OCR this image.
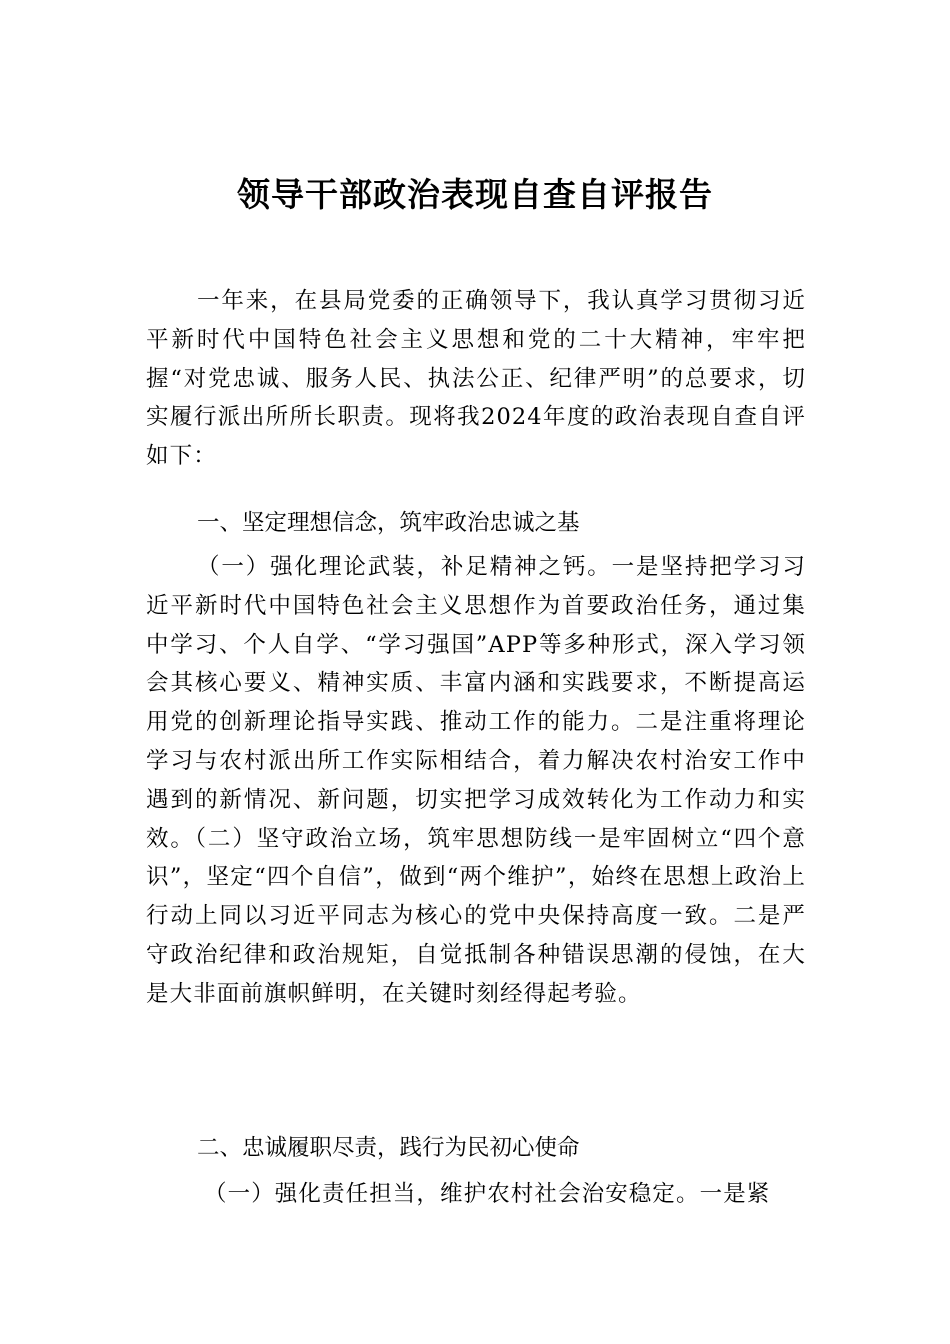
领导干部政治表现自查自评报告

一年来，在县局党委的正确领导下，我认真学习贯彻习近平新时代中国特色社会主义思想和党的二十大精神，牢牢把握“对党忠诚、服务人民、执法公正、纪律严明”的总要求，切实履行派出所所长职责。现将我2024年度的政治表现自查自评如下：

一、坚定理想信念，筑牢政治忠诚之基

（一）强化理论武装，补足精神之钙。一是坚持把学习习近平新时代中国特色社会主义思想作为首要政治任务，通过集中学习、个人自学、“学习强国”APP等多种形式，深入学习领会其核心要义、精神实质、丰富内涵和实践要求，不断提高运用党的创新理论指导实践、推动工作的能力。二是注重将理论学习与农村派出所工作实际相结合，着力解决农村治安工作中遇到的新情况、新问题，切实把学习成效转化为工作动力和实效。（二）坚守政治立场，筑牢思想防线一是牢固树立“四个意识”，坚定“四个自信”，做到“两个维护”，始终在思想上政治上行动上同以习近平同志为核心的党中央保持高度一致。二是严守政治纪律和政治规矩，自觉抵制各种错误思潮的侵蚀，在大是大非面前旗帜鲜明，在关键时刻经得起考验。

二、忠诚履职尽责，践行为民初心使命

（一）强化责任担当，维护农村社会治安稳定。一是紧
